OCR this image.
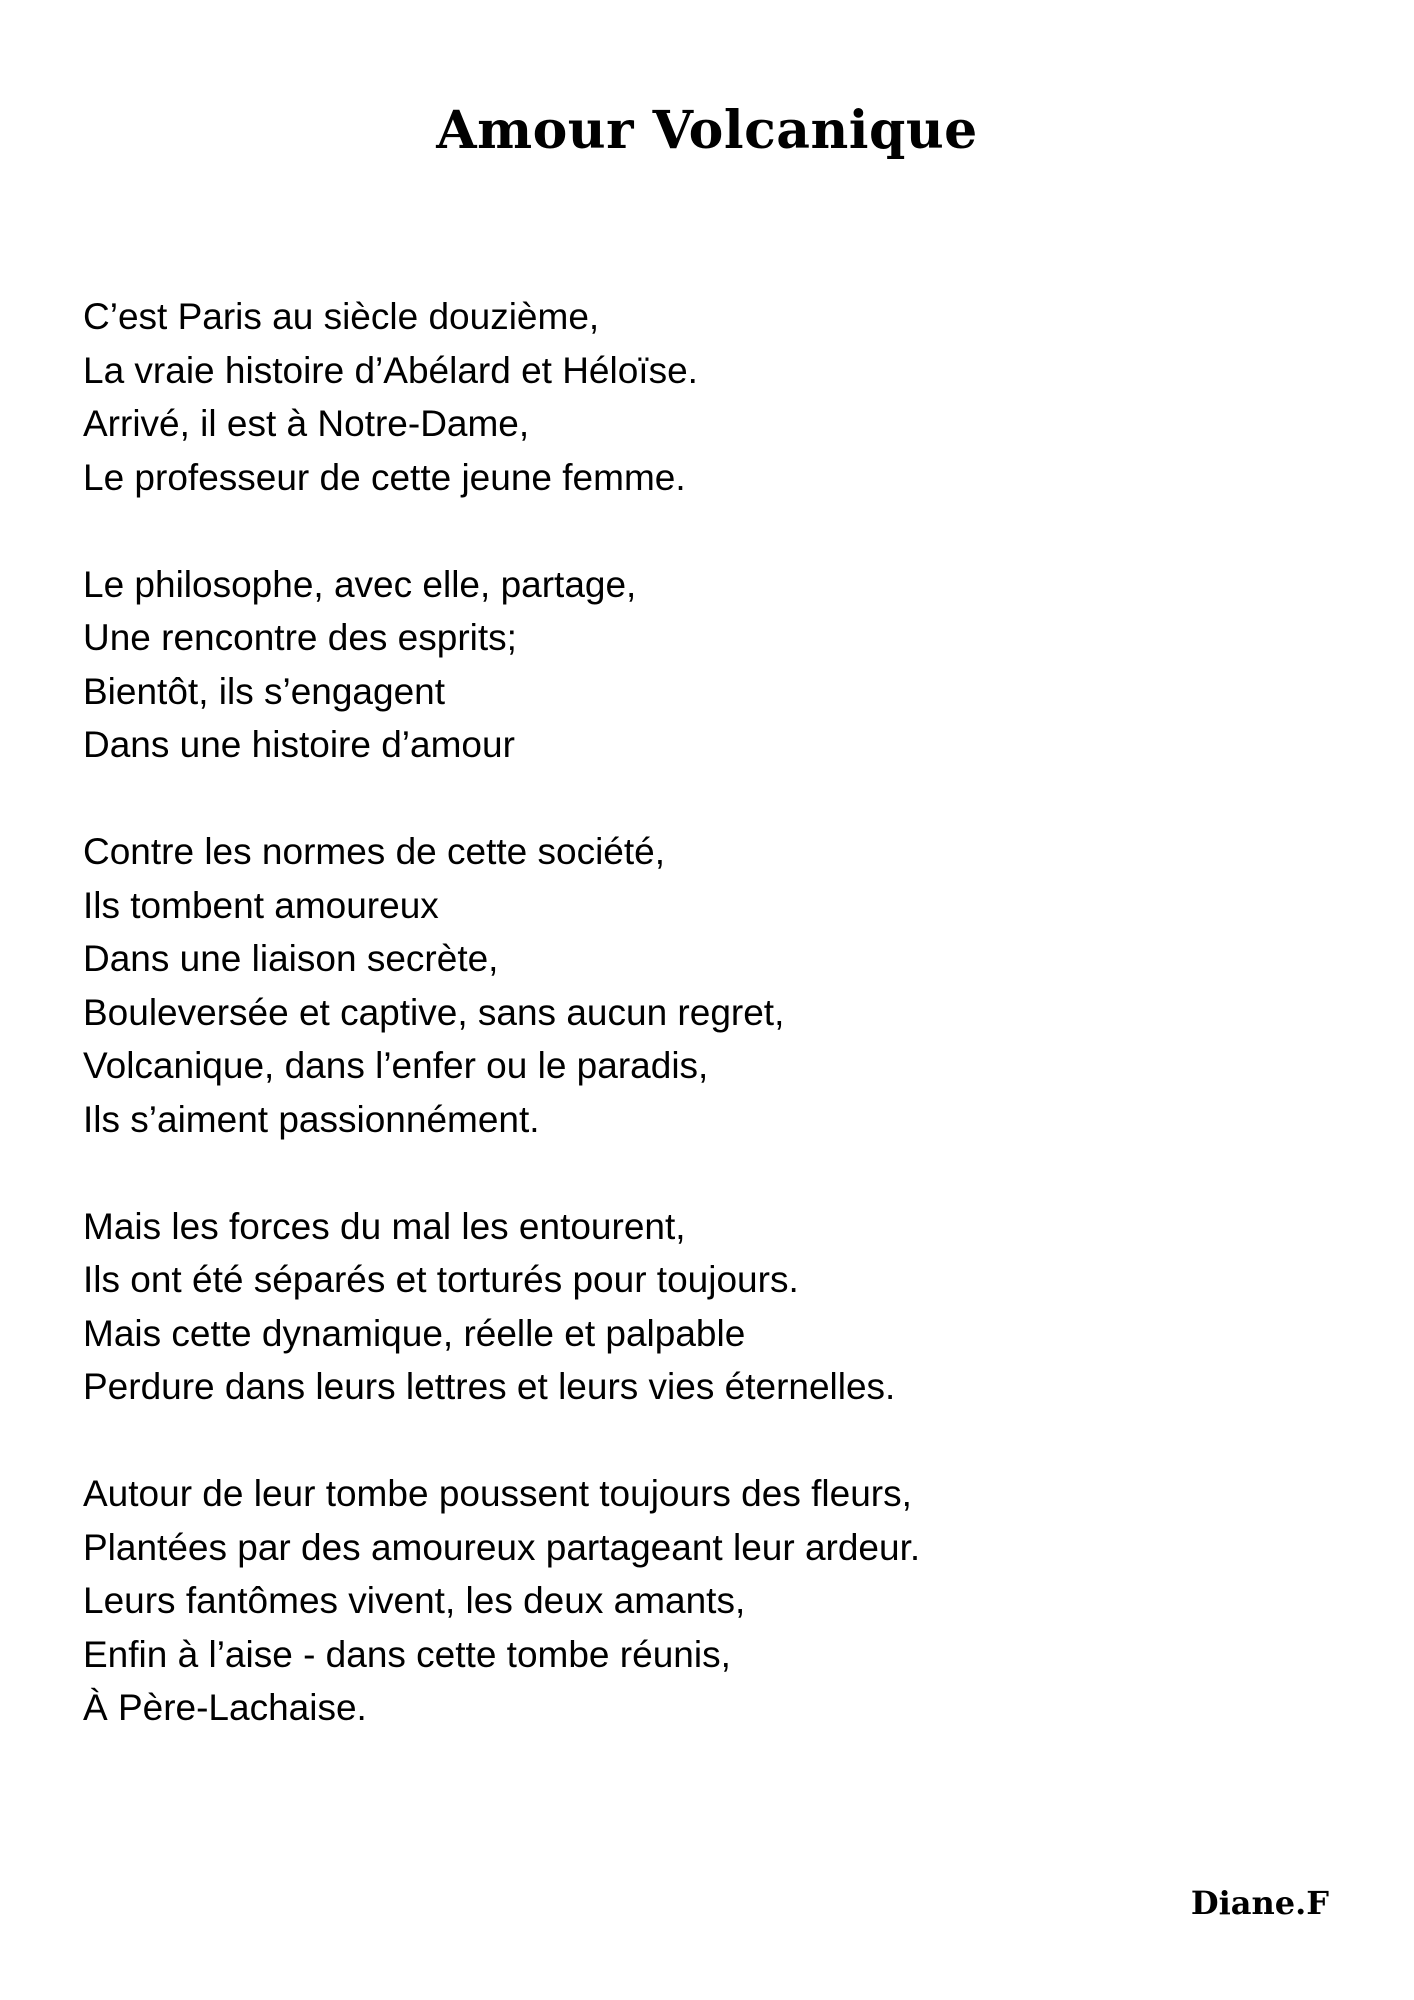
Amour Volcanique
C’est Paris au siècle douzième,
La vraie histoire d’Abélard et Héloïse.
Arrivé, il est à Notre-Dame,
Le professeur de cette jeune femme.
Le philosophe, avec elle, partage,
Une rencontre des esprits;
Bientôt, ils s’engagent
Dans une histoire d’amour
Contre les normes de cette société,
Ils tombent amoureux
Dans une liaison secrète,
Bouleversée et captive, sans aucun regret,
Volcanique, dans l’enfer ou le paradis,
Ils s’aiment passionnément.
Mais les forces du mal les entourent,
Ils ont été séparés et torturés pour toujours.
Mais cette dynamique, réelle et palpable
Perdure dans leurs lettres et leurs vies éternelles.
Autour de leur tombe poussent toujours des fleurs,
Plantées par des amoureux partageant leur ardeur.
Leurs fantômes vivent, les deux amants,
Enfin à l’aise - dans cette tombe réunis,
À Père-Lachaise.
Diane.F
